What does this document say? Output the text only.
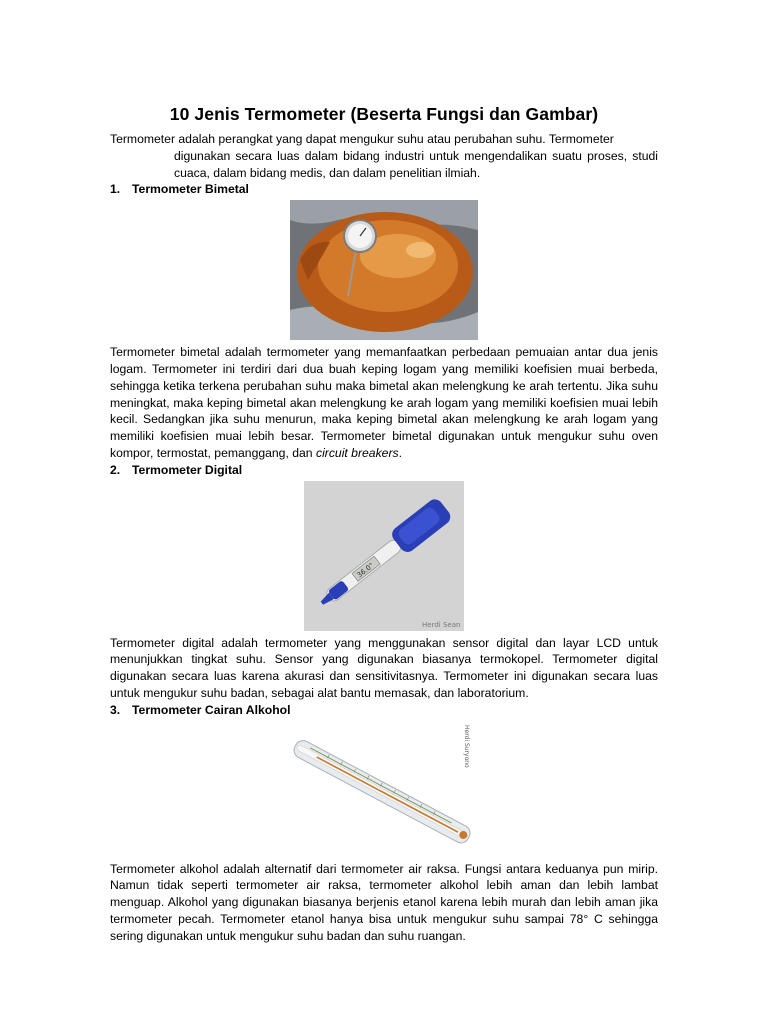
10 Jenis Termometer (Beserta Fungsi dan Gambar)

Termometer adalah perangkat yang dapat mengukur suhu atau perubahan suhu. Termometer

digunakan secara luas dalam bidang industri untuk mengendalikan suatu proses, studi cuaca, dalam bidang medis, dan dalam penelitian ilmiah.

1. Termometer Bimetal

Termometer bimetal adalah termometer yang memanfaatkan perbedaan pemuaian antar dua jenis logam. Termometer ini terdiri dari dua buah keping logam yang memiliki koefisien muai berbeda, sehingga ketika terkena perubahan suhu maka bimetal akan melengkung ke arah tertentu. Jika suhu meningkat, maka keping bimetal akan melengkung ke arah logam yang memiliki koefisien muai lebih kecil. Sedangkan jika suhu menurun, maka keping bimetal akan melengkung ke arah logam yang memiliki koefisien muai lebih besar. Termometer bimetal digunakan untuk mengukur suhu oven kompor, termostat, pemanggang, dan circuit breakers.

2. Termometer Digital
36.0°
Herdi Sean

Termometer digital adalah termometer yang menggunakan sensor digital dan layar LCD untuk menunjukkan tingkat suhu. Sensor yang digunakan biasanya termokopel. Termometer digital digunakan secara luas karena akurasi dan sensitivitasnya. Termometer ini digunakan secara luas untuk mengukur suhu badan, sebagai alat bantu memasak, dan laboratorium.

3. Termometer Cairan Alkohol
Herdi Suryono

Termometer alkohol adalah alternatif dari termometer air raksa. Fungsi antara keduanya pun mirip. Namun tidak seperti termometer air raksa, termometer alkohol lebih aman dan lebih lambat menguap. Alkohol yang digunakan biasanya berjenis etanol karena lebih murah dan lebih aman jika termometer pecah. Termometer etanol hanya bisa untuk mengukur suhu sampai 78° C sehingga sering digunakan untuk mengukur suhu badan dan suhu ruangan.
